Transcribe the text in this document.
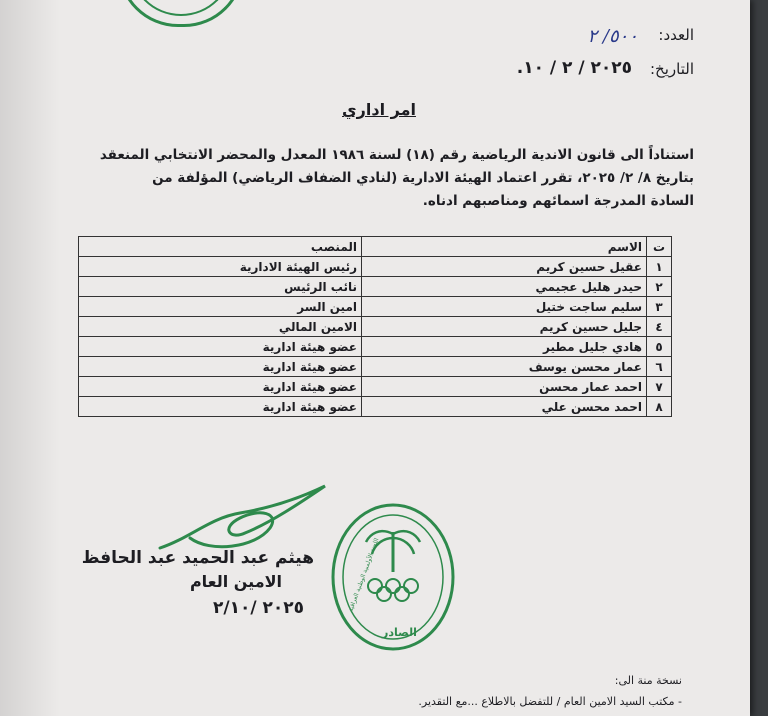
العدد:
٥٠٠/ ٢
التاريخ:
٢٠٢٥ / ٢ / ١٠.
امر اداري
استناداً الى قانون الاندية الرياضية رقم (١٨) لسنة ١٩٨٦ المعدل والمحضر الانتخابي المنعقد
بتاريخ ٨/ ٢/ ٢٠٢٥، تقرر اعتماد الهيئة الادارية (لنادي الضفاف الرياضي) المؤلفة من
السادة المدرجة اسمائهم ومناصبهم ادناه.
ت	الاسم	المنصب
١	عقيل حسين كريم	رئيس الهيئة الادارية
٢	حيدر هليل عجيمي	نائب الرئيس
٣	سليم ساجت ختيل	امين السر
٤	جليل حسين كريم	الامين المالي
٥	هادي جليل مطير	عضو هيئة ادارية
٦	عمار محسن يوسف	عضو هيئة ادارية
٧	احمد عمار محسن	عضو هيئة ادارية
٨	احمد محسن علي	عضو هيئة ادارية
هيثم عبد الحميد عبد الحافظ
الامين العام
٢٠٢٥ /٢/١٠	اللجنة الأولمبية الوطنية العراقية
الصادر
نسخة منة الى:
- مكتب السيد الامين العام / للتفضل بالاطلاع ...مع التقدير.
